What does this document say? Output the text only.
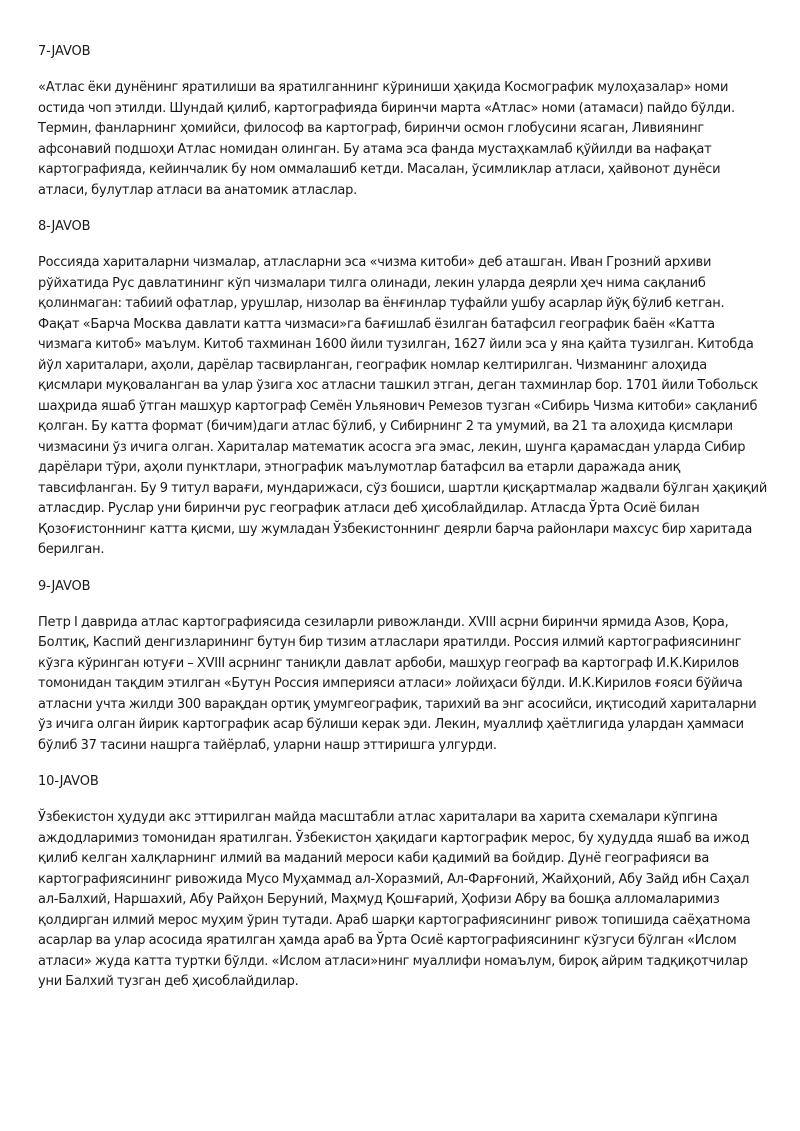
7-JAVOB
«Атлас ёки дунёнинг яратилиши ва яратилганнинг кўриниши ҳақида Космографик мулоҳазалар» номи остида чоп этилди. Шундай қилиб, картографияда биринчи марта «Атлас» номи (атамаси) пайдо бўлди. Термин, фанларнинг ҳомийси, философ ва картограф, биринчи осмон глобусини ясаган, Ливиянинг афсонавий подшоҳи Атлас номидан олинган. Бу атама эса фанда мустаҳкамлаб қўйилди ва нафақат картографияда, кейинчалик бу ном оммалашиб кетди. Масалан, ўсимликлар атласи, ҳайвонот дунёси атласи, булутлар атласи ва анатомик атласлар.
8-JAVOB
Россияда хариталарни чизмалар, атласларни эса «чизма китоби» деб аташган. Иван Грозний архиви рўйхатида Рус давлатининг кўп чизмалари тилга олинади, лекин уларда деярли ҳеч нима сақланиб қолинмаган: табиий офатлар, урушлар, низолар ва ёнғинлар туфайли ушбу асарлар йўқ бўлиб кетган. Фақат «Барча Москва давлати катта чизмаси»га бағишлаб ёзилган батафсил географик баён «Катта чизмага китоб» маълум. Китоб тахминан 1600 йили тузилган, 1627 йили эса у яна қайта тузилган. Китобда йўл хариталари, аҳоли, дарёлар тасвирланган, географик номлар келтирилган. Чизманинг алоҳида қисмлари муқоваланган ва улар ўзига хос атласни ташкил этган, деган тахминлар бор. 1701 йили Тобольск шаҳрида яшаб ўтган машҳур картограф Семён Ульянович Ремезов тузган «Сибирь Чизма китоби» сақланиб қолган. Бу катта формат (бичим)даги атлас бўлиб, у Сибирнинг 2 та умумий, ва 21 та алоҳида қисмлари чизмасини ўз ичига олган. Хариталар математик асосга эга эмас, лекин, шунга қарамасдан уларда Сибир дарёлари тўри, аҳоли пунктлари, этнографик маълумотлар батафсил ва етарли даражада аниқ тавсифланган. Бу 9 титул варағи, мундарижаси, сўз бошиси, шартли қисқартмалар жадвали бўлган ҳақиқий атласдир. Руслар уни биринчи рус географик атласи деб ҳисоблайдилар. Атласда Ўрта Осиё билан Қозоғистоннинг катта қисми, шу жумладан Ўзбекистоннинг деярли барча районлари махсус бир харитада берилган.
9-JAVOB
Петр I даврида атлас картографиясида сезиларли ривожланди. XVIII асрни биринчи ярмида Азов, Қора, Болтиқ, Каспий денгизларининг бутун бир тизим атласлари яратилди. Россия илмий картографиясининг кўзга кўринган ютуғи – XVIII асрнинг таниқли давлат арбоби, машҳур географ ва картограф И.К.Кирилов томонидан тақдим этилган «Бутун Россия империяси атласи» лойиҳаси бўлди. И.К.Кирилов ғояси бўйича атласни учта жилди 300 варақдан ортиқ умумгеографик, тарихий ва энг асосийси, иқтисодий хариталарни ўз ичига олган йирик картографик асар бўлиши керак эди. Лекин, муаллиф ҳаётлигида улардан ҳаммаси бўлиб 37 тасини нашрга тайёрлаб, уларни нашр эттиришга улгурди.
10-JAVOB
Ўзбекистон ҳудуди акс эттирилган майда масштабли атлас хариталари ва харита схемалари кўпгина аждодларимиз томонидан яратилган. Ўзбекистон ҳақидаги картографик мерос, бу ҳудудда яшаб ва ижод қилиб келган халқларнинг илмий ва маданий мероси каби қадимий ва бойдир. Дунё географияси ва картографиясининг ривожида Мусо Муҳаммад ал-Хоразмий, Ал-Фарғоний, Жайҳоний, Абу Зайд ибн Саҳал ал-Балхий, Наршахий, Абу Райҳон Беруний, Маҳмуд Қошғарий, Ҳофизи Абру ва бошқа алломаларимиз қолдирган илмий мерос муҳим ўрин тутади. Араб шарқи картографиясининг ривож топишида саёҳатнома асарлар ва улар асосида яратилган ҳамда араб ва Ўрта Осиё картографиясининг кўзгуси бўлган «Ислом атласи» жуда катта туртки бўлди. «Ислом атласи»нинг муаллифи номаълум, бироқ айрим тадқиқотчилар уни Балхий тузган деб ҳисоблайдилар.
